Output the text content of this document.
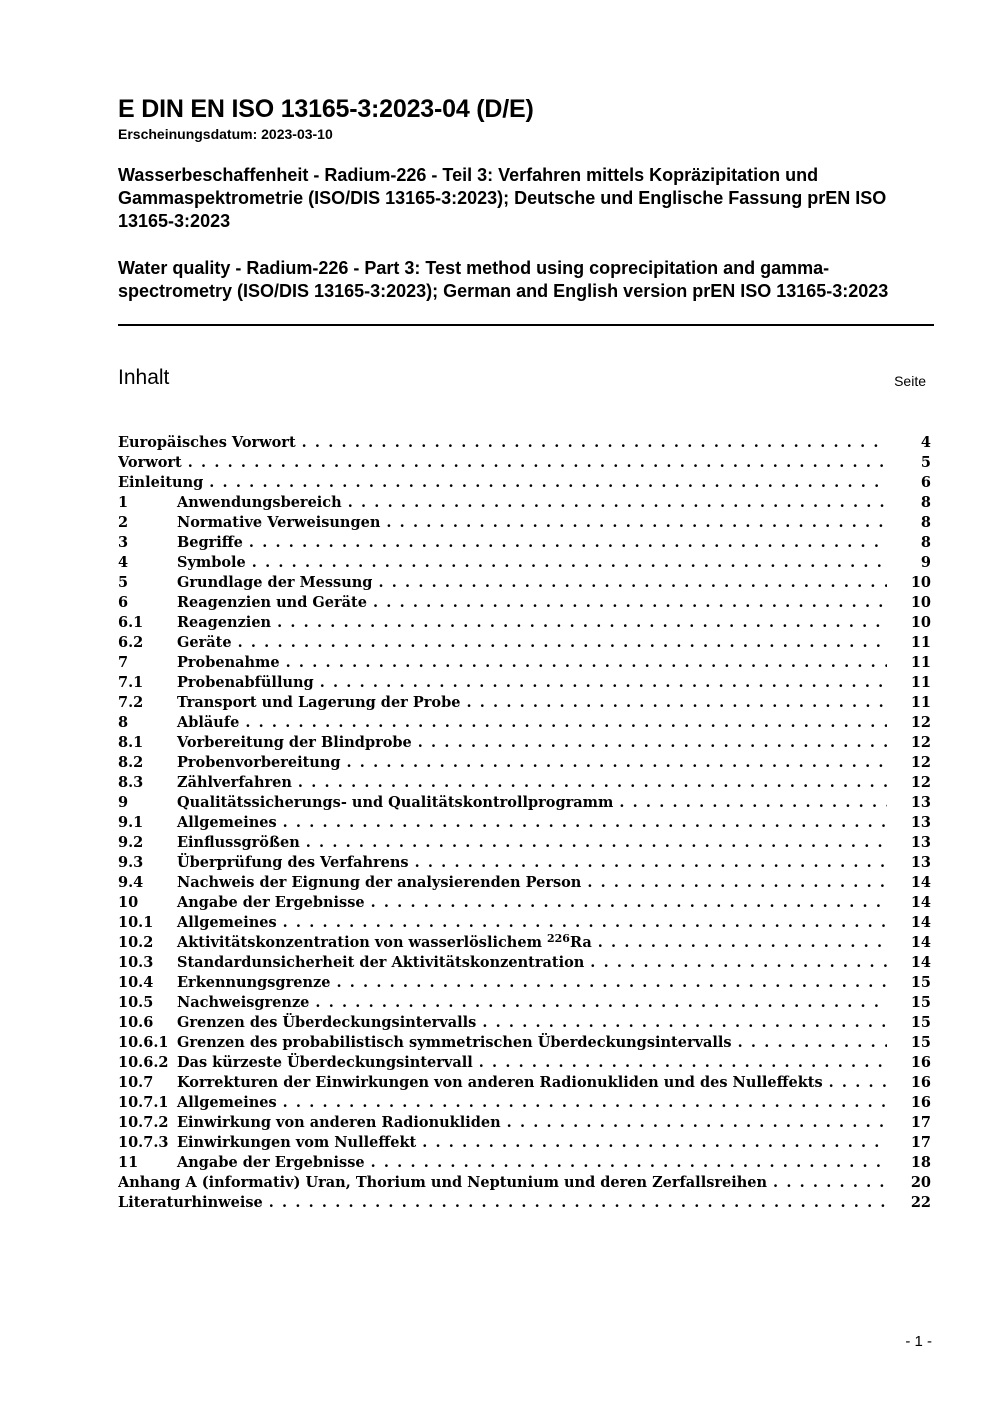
E DIN EN ISO 13165-3:2023-04 (D/E)
Erscheinungsdatum: 2023-03-10
Wasserbeschaffenheit - Radium-226 - Teil 3: Verfahren mittels Kopräzipitation und Gammaspektrometrie (ISO/DIS 13165-3:2023); Deutsche und Englische Fassung prEN ISO 13165-3:2023
Water quality - Radium-226 - Part 3: Test method using coprecipitation and gamma-spectrometry (ISO/DIS 13165-3:2023); German and English version prEN ISO 13165-3:2023
Inhalt	Seite
Europäisches Vorwort . . .	4
Vorwort . . .	5
Einleitung . . .	6
1	Anwendungsbereich . . .	8
2	Normative Verweisungen . . .	8
3	Begriffe . . .	8
4	Symbole . . .	9
5	Grundlage der Messung . . .	10
6	Reagenzien und Geräte . . .	10
6.1	Reagenzien . . .	10
6.2	Geräte . . .	11
7	Probenahme . . .	11
7.1	Probenabfüllung . . .	11
7.2	Transport und Lagerung der Probe . . .	11
8	Abläufe . . .	12
8.1	Vorbereitung der Blindprobe . . .	12
8.2	Probenvorbereitung . . .	12
8.3	Zählverfahren . . .	12
9	Qualitätssicherungs- und Qualitätskontrollprogramm . . .	13
9.1	Allgemeines . . .	13
9.2	Einflussgrößen . . .	13
9.3	Überprüfung des Verfahrens . . .	13
9.4	Nachweis der Eignung der analysierenden Person . . .	14
10	Angabe der Ergebnisse . . .	14
10.1	Allgemeines . . .	14
10.2	Aktivitätskonzentration von wasserlöslichem $^{226}$Ra . . .	14
10.3	Standardunsicherheit der Aktivitätskonzentration . . .	14
10.4	Erkennungsgrenze . . .	15
10.5	Nachweisgrenze . . .	15
10.6	Grenzen des Überdeckungsintervalls . . .	15
10.6.1 Grenzen des probabilistisch symmetrischen Überdeckungsintervalls . . .	15
10.6.2 Das kürzeste Überdeckungsintervall . . .	16
10.7	Korrekturen der Einwirkungen von anderen Radionukliden und des Nulleffekts . . .	16
10.7.1 Allgemeines . . .	16
10.7.2 Einwirkung von anderen Radionukliden . . .	17
10.7.3 Einwirkungen vom Nulleffekt . . .	17
11	Angabe der Ergebnisse . . .	18
Anhang A (informativ) Uran, Thorium und Neptunium und deren Zerfallsreihen . . .	20
Literaturhinweise . . .	22
- 1 -
